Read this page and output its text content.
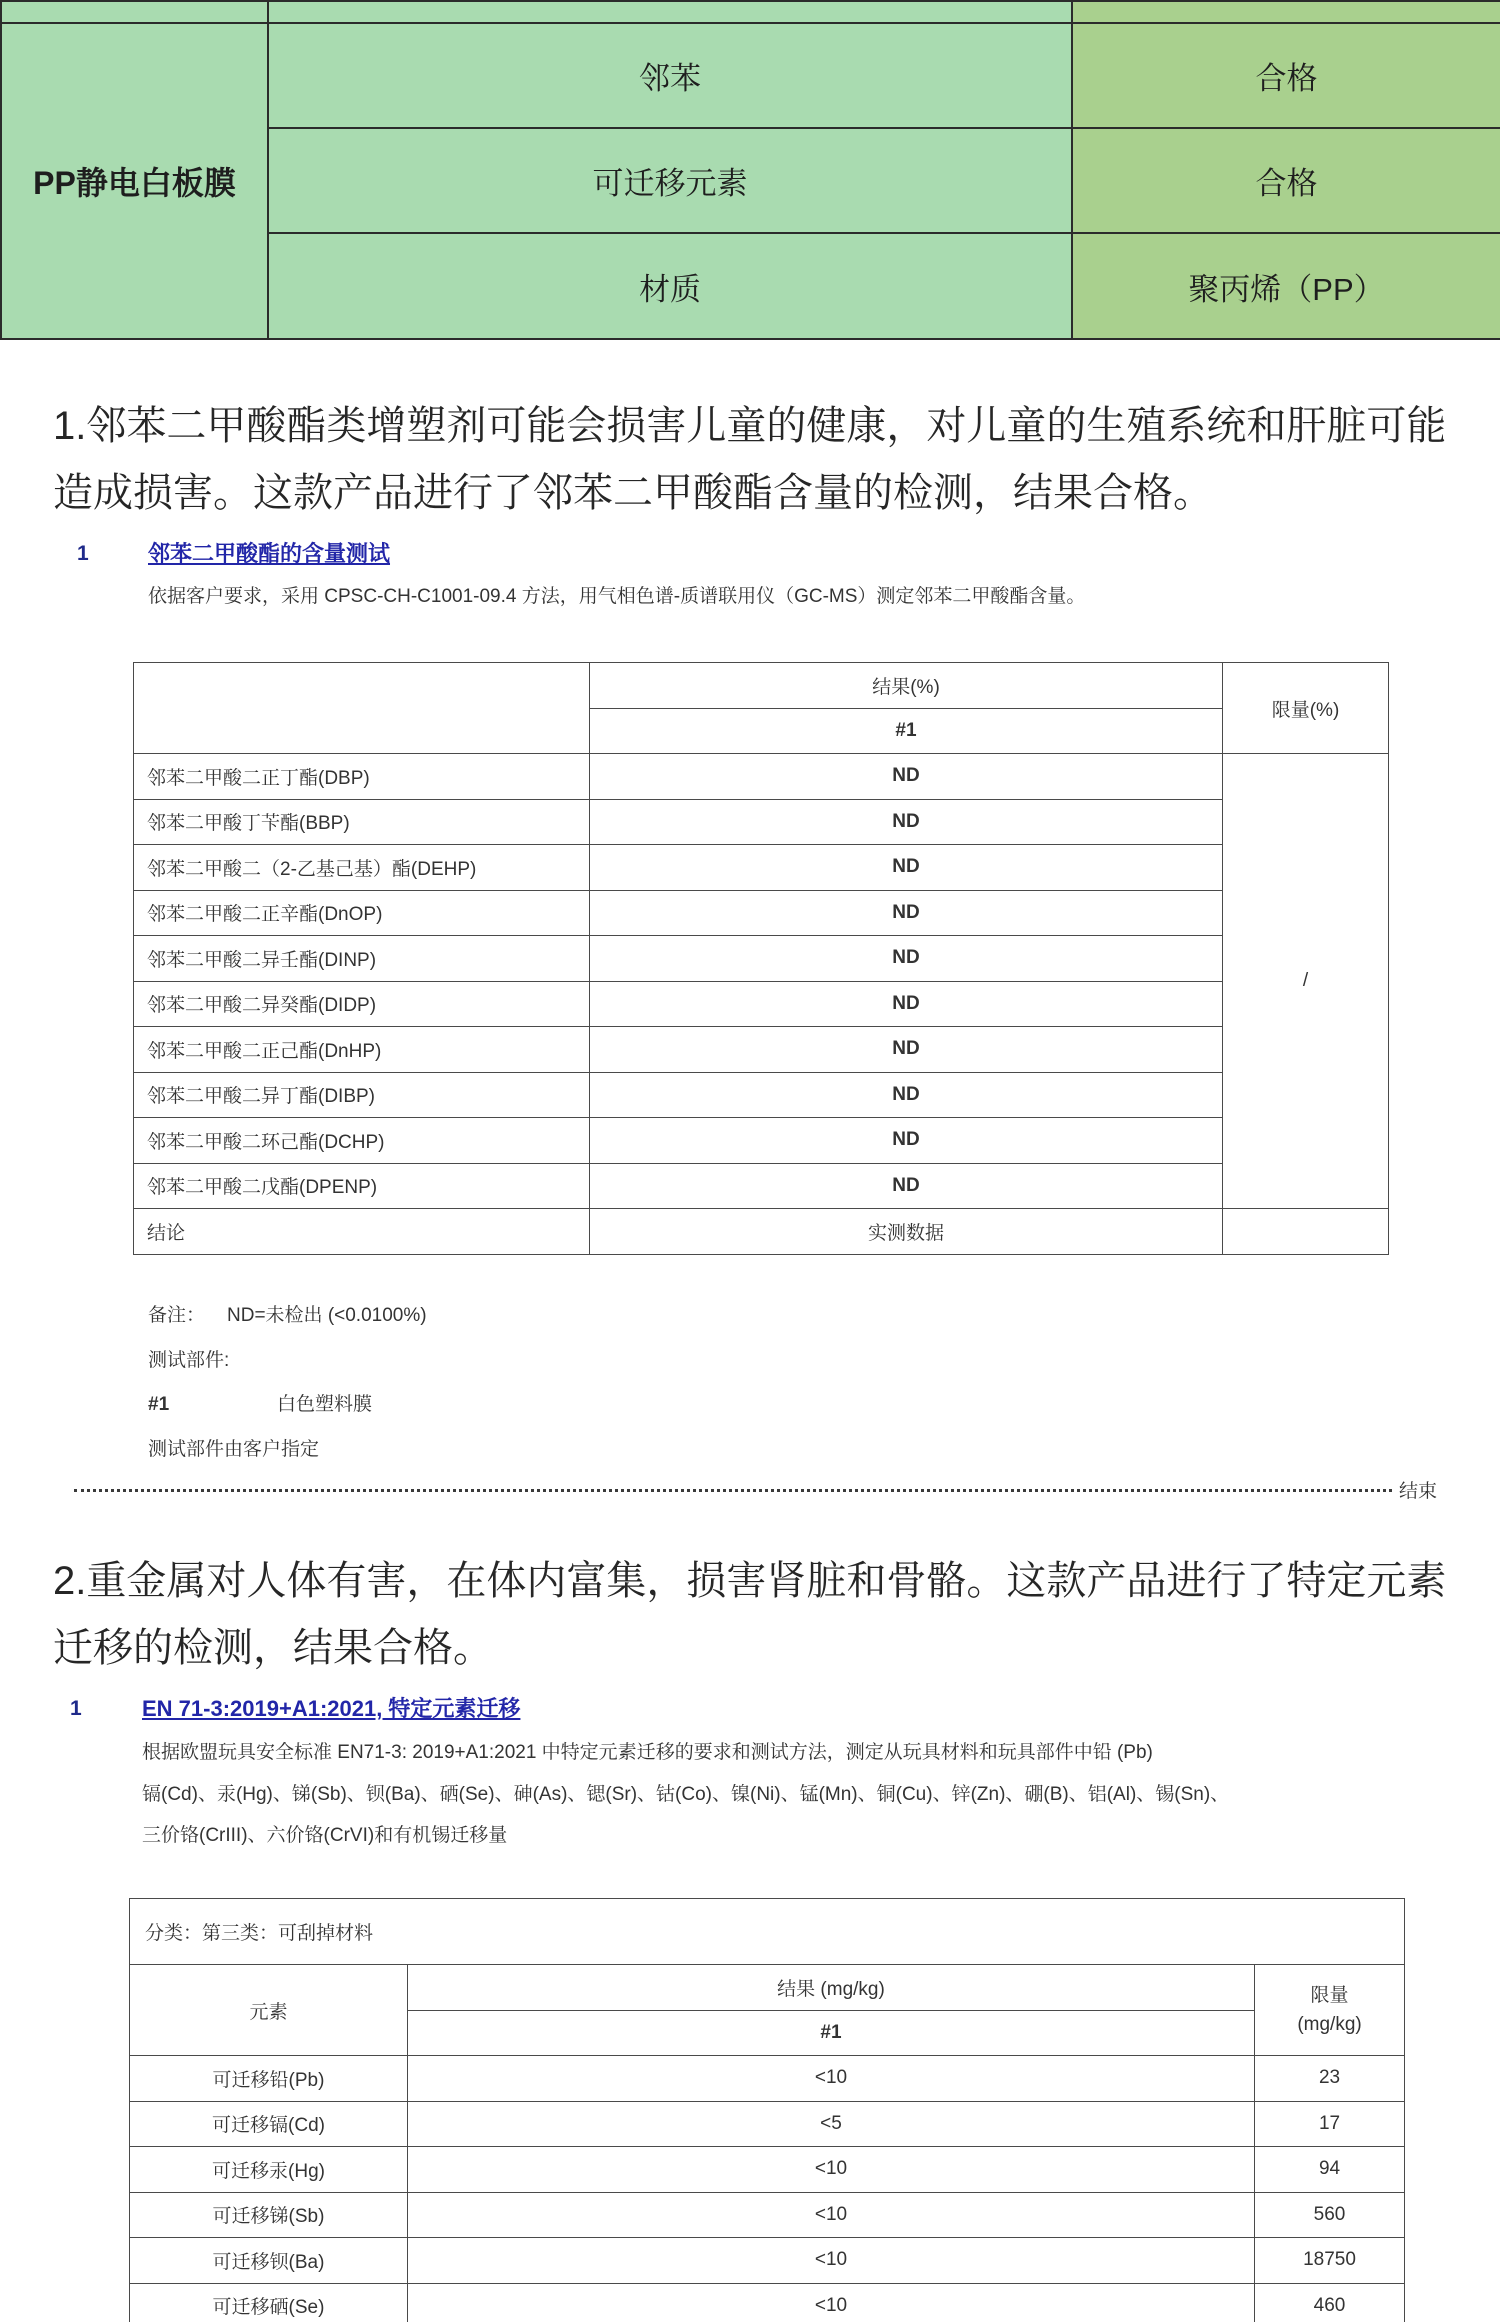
PP静电白板膜	邻苯	合格
	可迁移元素	合格
	材质	聚丙烯（PP）
1.邻苯二甲酸酯类增塑剂可能会损害儿童的健康，对儿童的生殖系统和肝脏可能
造成损害。这款产品进行了邻苯二甲酸酯含量的检测，结果合格。
1	邻苯二甲酸酯的含量测试
依据客户要求，采用 CPSC-CH-C1001-09.4 方法，用气相色谱-质谱联用仪（GC-MS）测定邻苯二甲酸酯含量。
	结果(%)	限量(%)
	#1	
邻苯二甲酸二正丁酯(DBP)	ND	/
邻苯二甲酸丁苄酯(BBP)	ND	
邻苯二甲酸二（2-乙基己基）酯(DEHP)	ND	
邻苯二甲酸二正辛酯(DnOP)	ND	
邻苯二甲酸二异壬酯(DINP)	ND	
邻苯二甲酸二异癸酯(DIDP)	ND	
邻苯二甲酸二正己酯(DnHP)	ND	
邻苯二甲酸二异丁酯(DIBP)	ND	
邻苯二甲酸二环己酯(DCHP)	ND	
邻苯二甲酸二戊酯(DPENP)	ND	
结论	实测数据	
备注： ND=未检出 (<0.0100%)
测试部件:
#1	白色塑料膜
测试部件由客户指定
结束
2.重金属对人体有害，在体内富集，损害肾脏和骨骼。这款产品进行了特定元素
迁移的检测，结果合格。
1	EN 71-3:2019+A1:2021, 特定元素迁移
根据欧盟玩具安全标准 EN71-3: 2019+A1:2021 中特定元素迁移的要求和测试方法，测定从玩具材料和玩具部件中铅 (Pb)
镉(Cd)、汞(Hg)、锑(Sb)、钡(Ba)、硒(Se)、砷(As)、锶(Sr)、钴(Co)、镍(Ni)、锰(Mn)、铜(Cu)、锌(Zn)、硼(B)、铝(Al)、锡(Sn)、
三价铬(CrIII)、六价铬(CrVI)和有机锡迁移量
分类：第三类：可刮掉材料		
元素	结果 (mg/kg)	限量
(mg/kg)

	#1	
可迁移铅(Pb)	<10	23
可迁移镉(Cd)	<5	17
可迁移汞(Hg)	<10	94
可迁移锑(Sb)	<10	560
可迁移钡(Ba)	<10	18750
可迁移硒(Se)	<10	460
